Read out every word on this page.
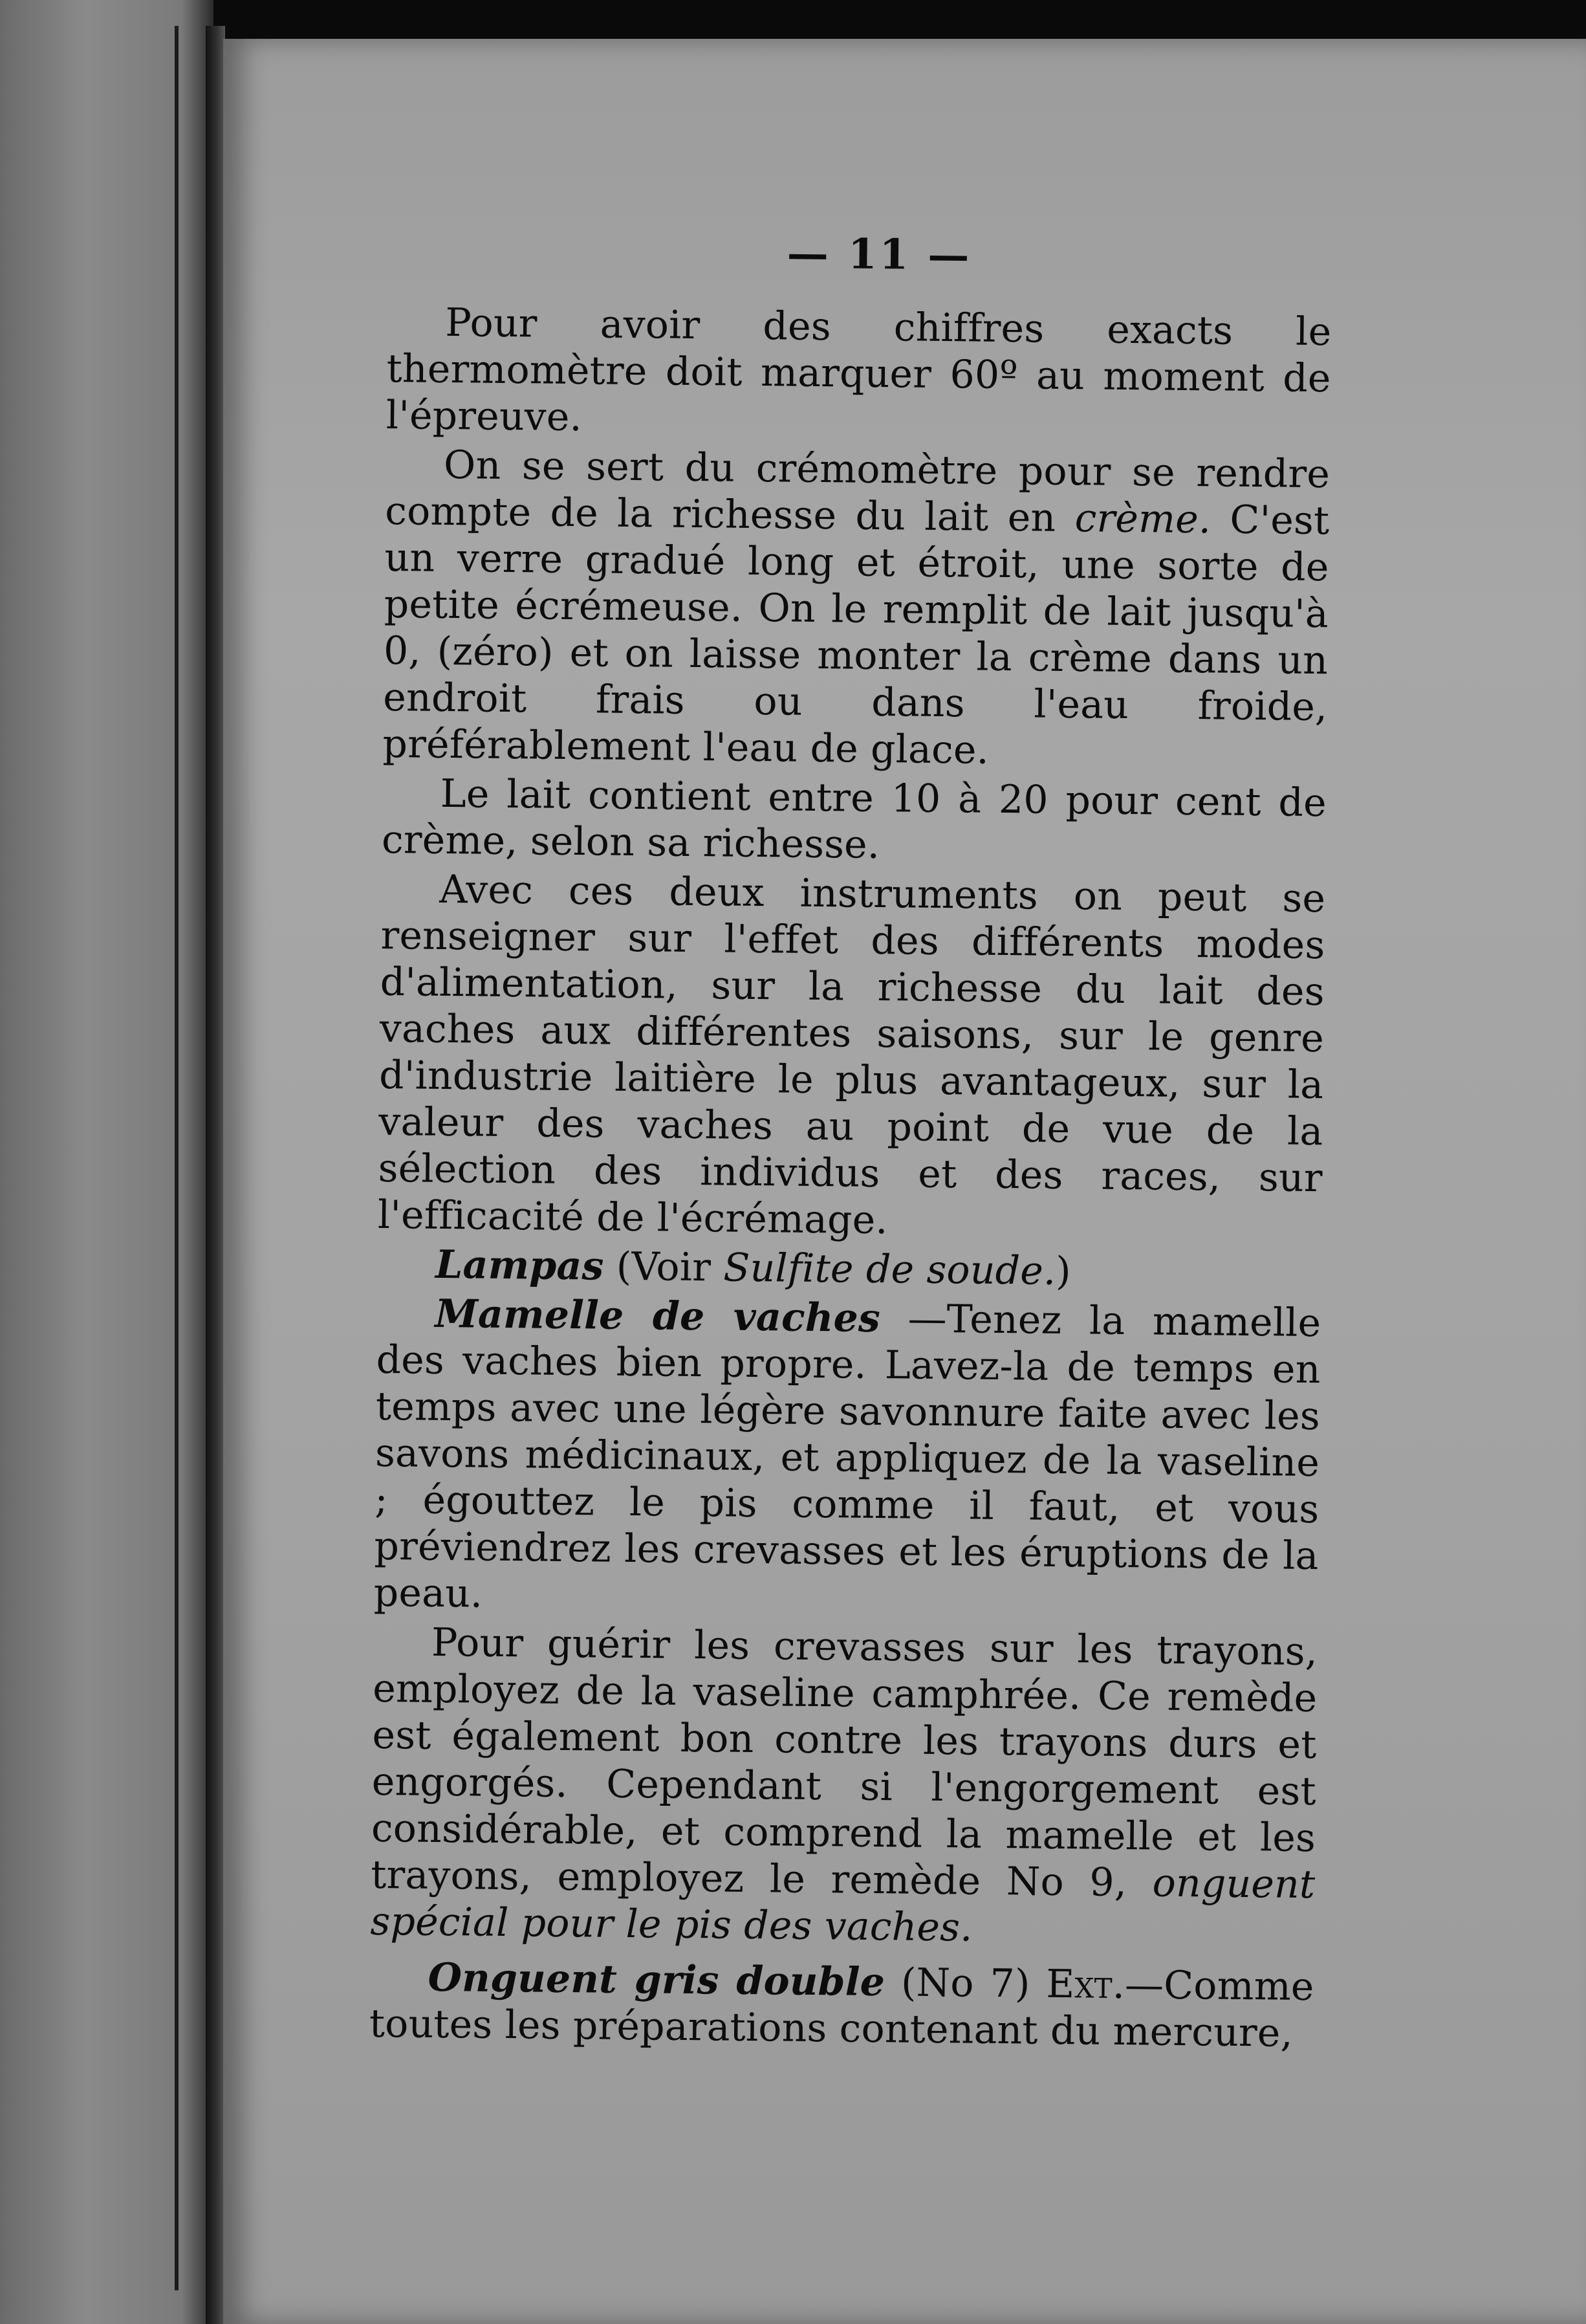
— 11 —

Pour avoir des chiffres exacts le thermomètre doit marquer 60º au moment de l'épreuve.

On se sert du crémomètre pour se rendre compte de la richesse du lait en crème. C'est un verre gradué long et étroit, une sorte de petite écrémeuse. On le remplit de lait jusqu'à 0, (zéro) et on laisse monter la crème dans un endroit frais ou dans l'eau froide, préférablement l'eau de glace.

Le lait contient entre 10 à 20 pour cent de crème, selon sa richesse.

Avec ces deux instruments on peut se renseigner sur l'effet des différents modes d'alimentation, sur la richesse du lait des vaches aux différentes saisons, sur le genre d'industrie laitière le plus avantageux, sur la valeur des vaches au point de vue de la sélection des individus et des races, sur l'efficacité de l'écrémage.

Lampas (Voir Sulfite de soude.)

Mamelle de vaches —Tenez la mamelle des vaches bien propre. Lavez-la de temps en temps avec une légère savonnure faite avec les savons médicinaux, et appliquez de la vaseline ; égouttez le pis comme il faut, et vous préviendrez les crevasses et les éruptions de la peau.

Pour guérir les crevasses sur les trayons, employez de la vaseline camphrée. Ce remède est également bon contre les trayons durs et engorgés. Cependant si l'engorgement est considérable, et comprend la mamelle et les trayons, employez le remède No 9, onguent spécial pour le pis des vaches.

Onguent gris double (No 7) Ext.—Comme toutes les préparations contenant du mercure,
